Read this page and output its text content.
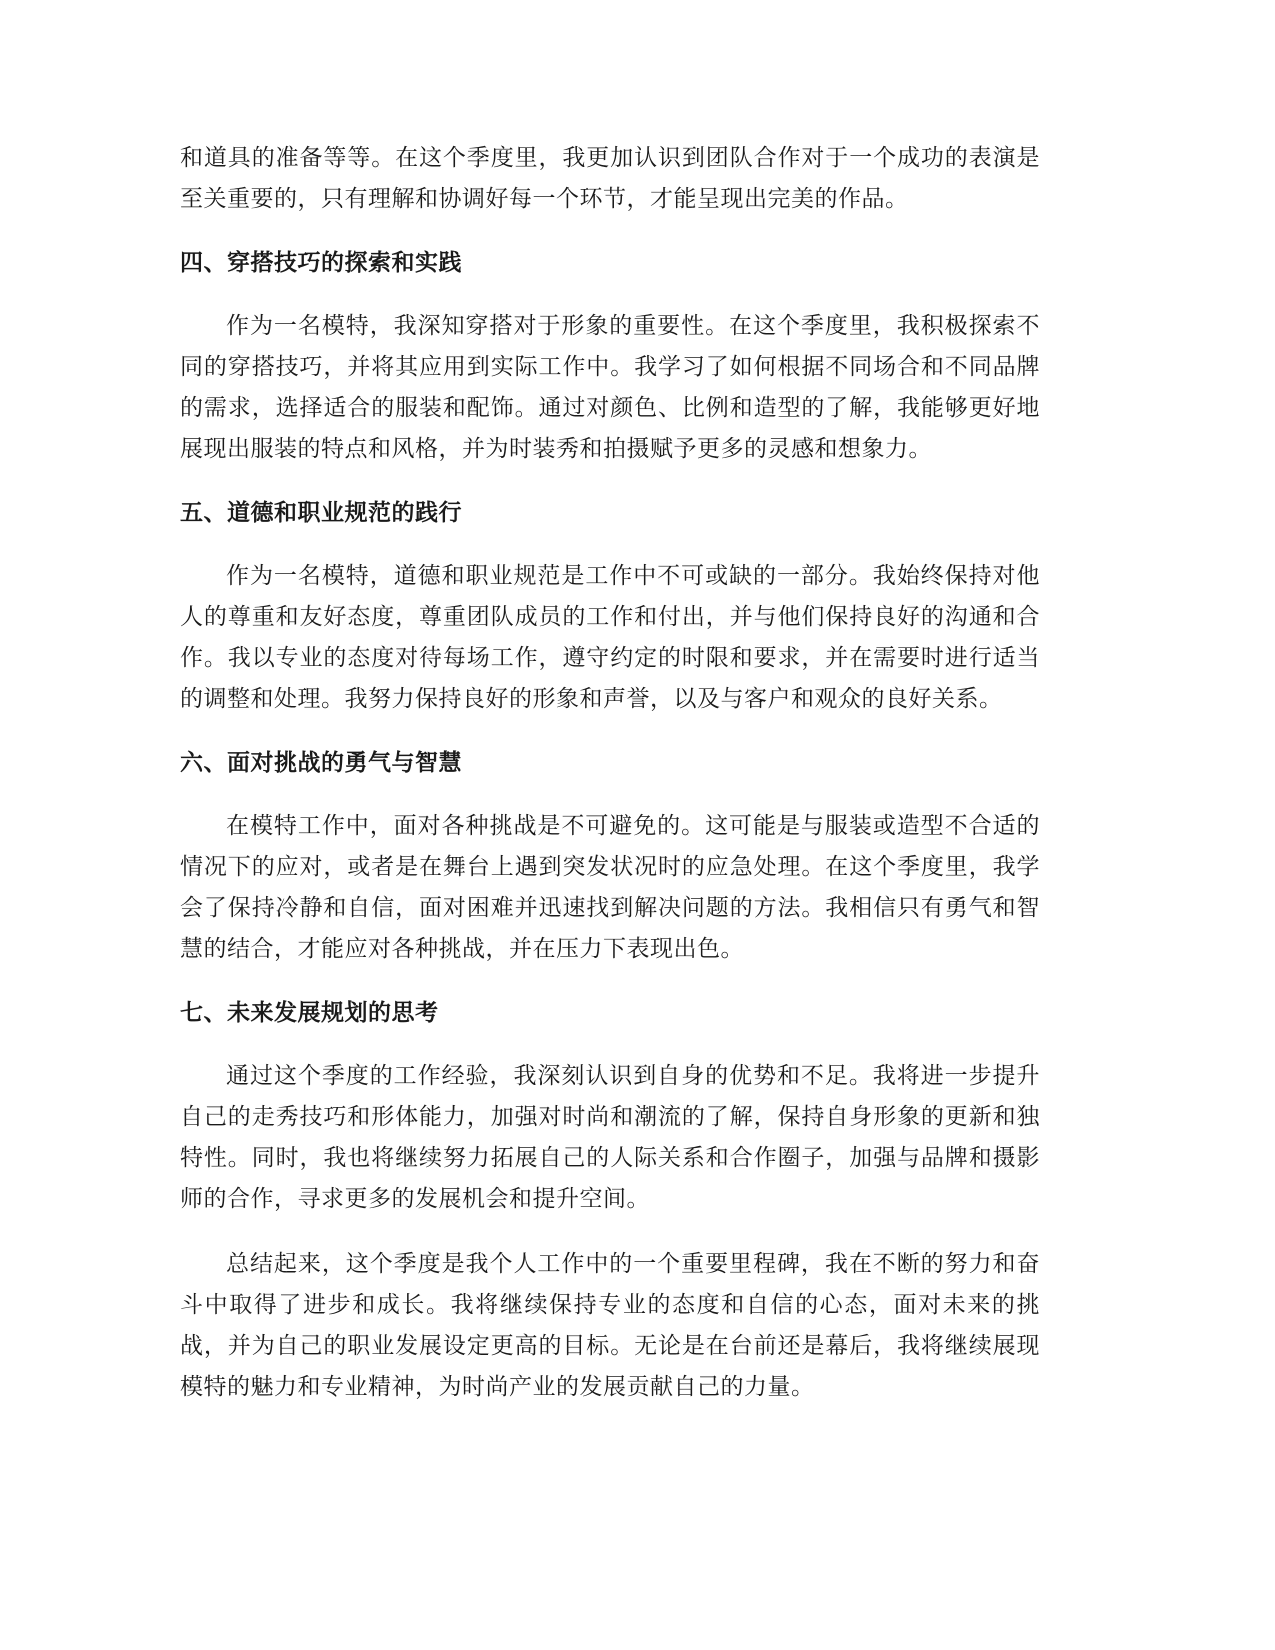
和道具的准备等等。在这个季度里，我更加认识到团队合作对于一个成功的表演是至关重要的，只有理解和协调好每一个环节，才能呈现出完美的作品。

四、穿搭技巧的探索和实践

作为一名模特，我深知穿搭对于形象的重要性。在这个季度里，我积极探索不同的穿搭技巧，并将其应用到实际工作中。我学习了如何根据不同场合和不同品牌的需求，选择适合的服装和配饰。通过对颜色、比例和造型的了解，我能够更好地展现出服装的特点和风格，并为时装秀和拍摄赋予更多的灵感和想象力。

五、道德和职业规范的践行

作为一名模特，道德和职业规范是工作中不可或缺的一部分。我始终保持对他人的尊重和友好态度，尊重团队成员的工作和付出，并与他们保持良好的沟通和合作。我以专业的态度对待每场工作，遵守约定的时限和要求，并在需要时进行适当的调整和处理。我努力保持良好的形象和声誉，以及与客户和观众的良好关系。

六、面对挑战的勇气与智慧

在模特工作中，面对各种挑战是不可避免的。这可能是与服装或造型不合适的情况下的应对，或者是在舞台上遇到突发状况时的应急处理。在这个季度里，我学会了保持冷静和自信，面对困难并迅速找到解决问题的方法。我相信只有勇气和智慧的结合，才能应对各种挑战，并在压力下表现出色。

七、未来发展规划的思考

通过这个季度的工作经验，我深刻认识到自身的优势和不足。我将进一步提升自己的走秀技巧和形体能力，加强对时尚和潮流的了解，保持自身形象的更新和独特性。同时，我也将继续努力拓展自己的人际关系和合作圈子，加强与品牌和摄影师的合作，寻求更多的发展机会和提升空间。

总结起来，这个季度是我个人工作中的一个重要里程碑，我在不断的努力和奋斗中取得了进步和成长。我将继续保持专业的态度和自信的心态，面对未来的挑战，并为自己的职业发展设定更高的目标。无论是在台前还是幕后，我将继续展现模特的魅力和专业精神，为时尚产业的发展贡献自己的力量。
